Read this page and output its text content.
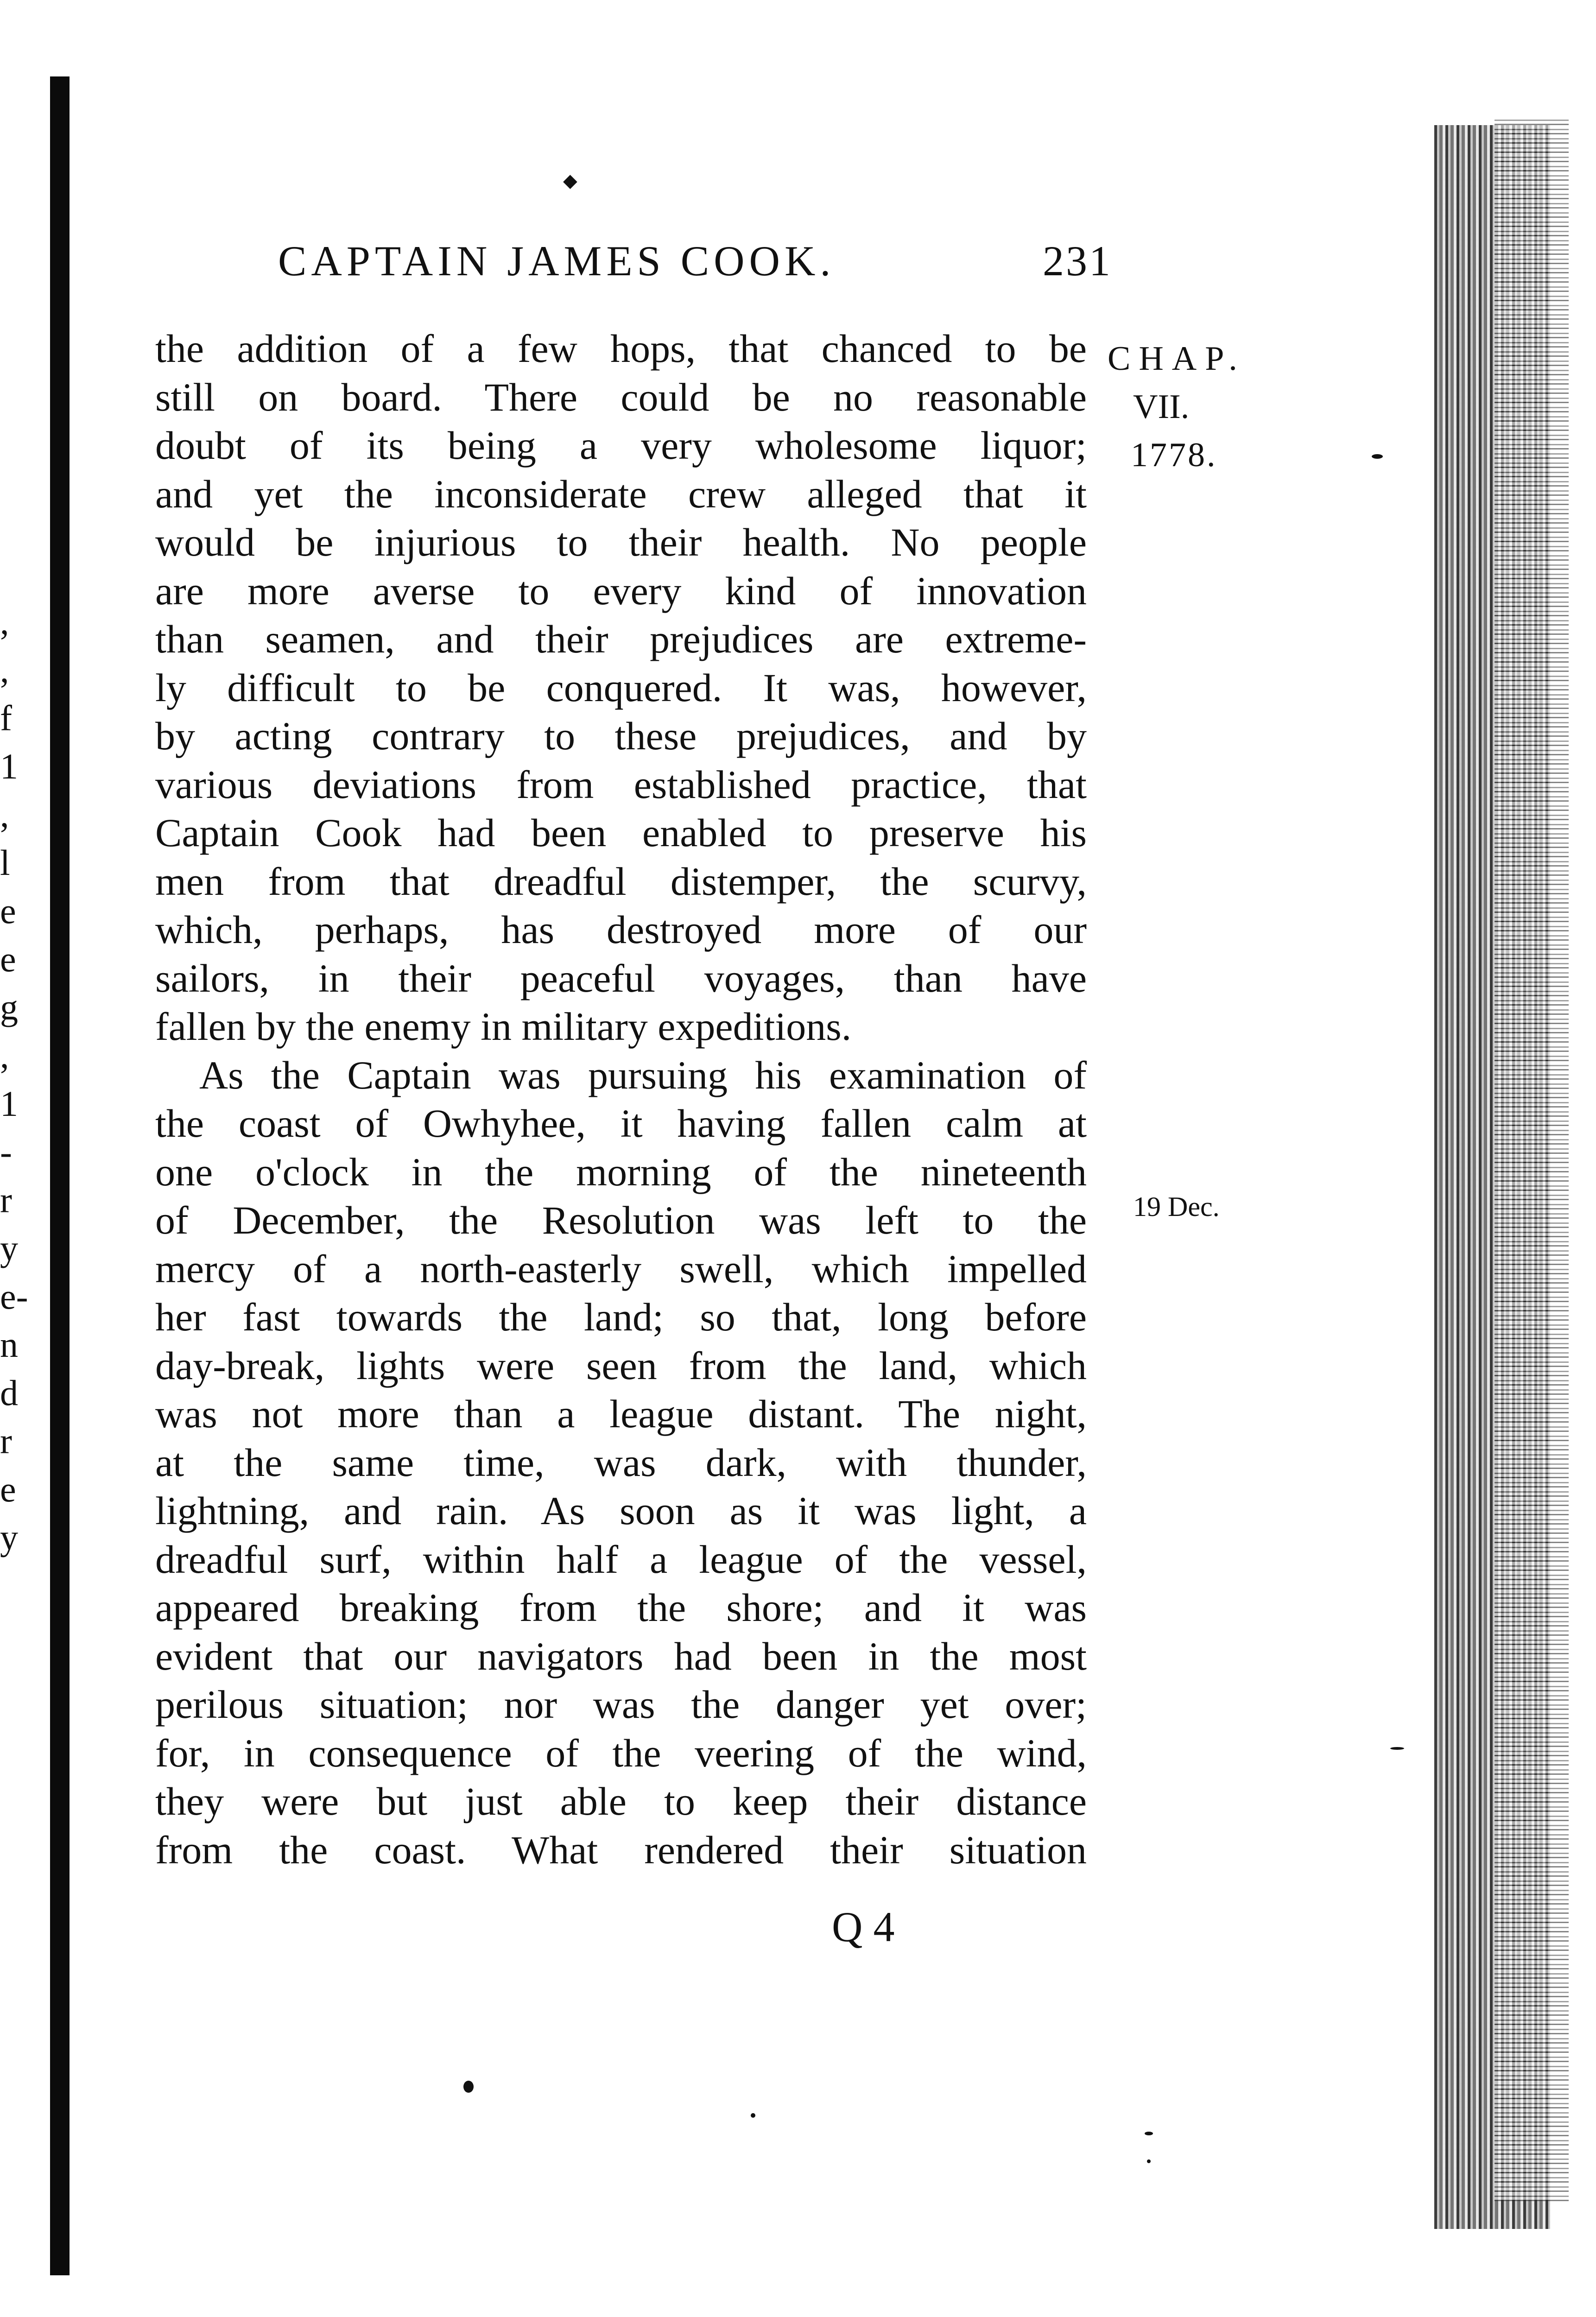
,
,
f
1
,
l
e
e
g
,
1
-
r
y
e-
n
d
r
e
y
◆
CAPTAIN JAMES COOK.	231
CHAP.
VII.
1778.
19 Dec.
the addition of a few hops, that chanced to be
still on board. There could be no reasonable
doubt of its being a very wholesome liquor;
and yet the inconsiderate crew alleged that it
would be injurious to their health. No people
are more averse to every kind of innovation
than seamen, and their prejudices are extreme-
ly difficult to be conquered. It was, however,
by acting contrary to these prejudices, and by
various deviations from established practice, that
Captain Cook had been enabled to preserve his
men from that dreadful distemper, the scurvy,
which, perhaps, has destroyed more of our
sailors, in their peaceful voyages, than have
fallen by the enemy in military expeditions.
As the Captain was pursuing his examination of
the coast of Owhyhee, it having fallen calm at
one o'clock in the morning of the nineteenth
of December, the Resolution was left to the
mercy of a north-easterly swell, which impelled
her fast towards the land; so that, long before
day-break, lights were seen from the land, which
was not more than a league distant. The night,
at the same time, was dark, with thunder,
lightning, and rain. As soon as it was light, a
dreadful surf, within half a league of the vessel,
appeared breaking from the shore; and it was
evident that our navigators had been in the most
perilous situation; nor was the danger yet over;
for, in consequence of the veering of the wind,
they were but just able to keep their distance
from the coast. What rendered their situation
Q 4
